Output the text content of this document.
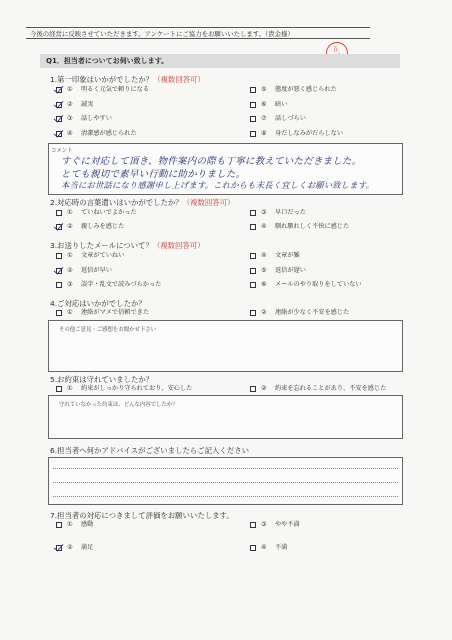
今後の経営に反映させていただきます。アンケートにご協力をお願いいたします。（貴金様）
正

Q1．担当者についてお伺い致します。
1.第一印象はいかがでしたか？（複数回答可）
① 明るく元気で頼りになる	⑤ 態度が悪く感じられた
② 誠実	⑥ 暗い
③ 話しやすい	⑦ 話しづらい
④ 清潔感が感じられた	⑧ 身だしなみがだらしない
コメント
すぐに対応して頂き、物件案内の際も丁寧に教えていただきました。
とても親切で素早い行動に助かりました。
本当にお世話になり感謝申し上げます。これからも末長く宜しくお願い致します。
2.対応時の言葉遣いはいかがでしたか？（複数回答可）
① ていねいでよかった	③ 早口だった
② 親しみを感じた	④ 馴れ馴れしく不快に感じた
3.お送りしたメールについて？（複数回答可）
① 文章がていねい	④ 文章が雑
② 返信が早い	⑤ 返信が遅い
③ 誤字・乱文で読みづらかった	⑥ メールのやり取りをしていない
4.ご対応はいかがでしたか？
① 連絡がマメで信頼できた	② 連絡が少なく不安を感じた
その他ご意見・ご感想をお聞かせ下さい
5.お約束は守れていましたか？
① 約束がしっかり守られており、安心した	② 約束を忘れることがあり、不安を感じた
守れていなかった約束は、どんな内容でしたか？
6.担当者へ何かアドバイスがございましたらご記入ください
7.担当者の対応につきまして評価をお願いいたします。
① 感動	③ やや不満
② 満足	④ 不満
